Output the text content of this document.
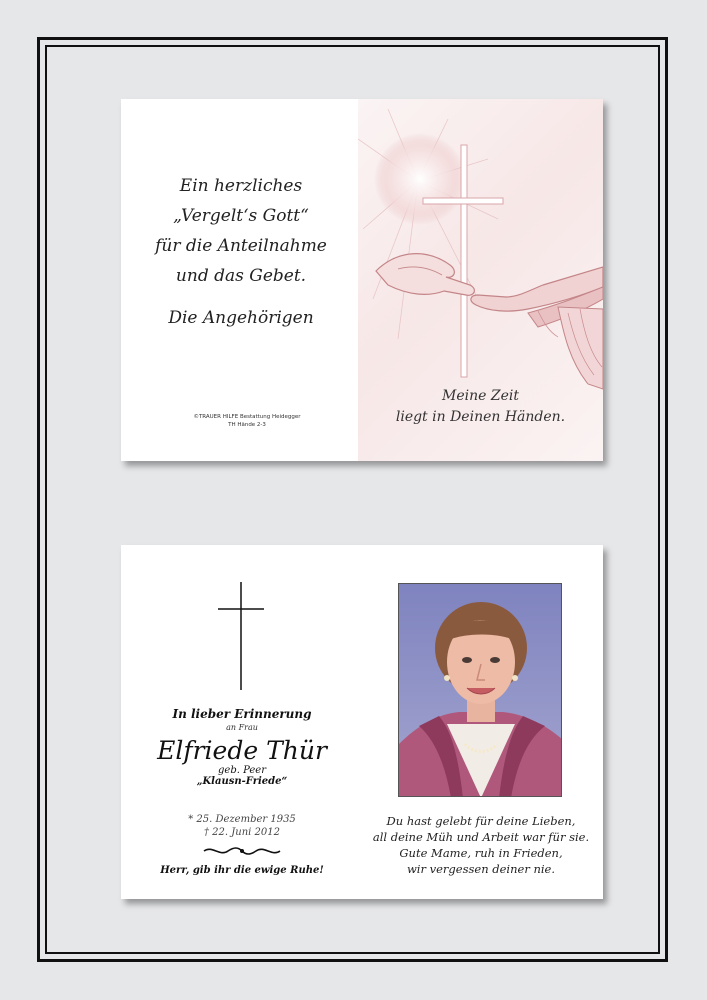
Ein herzliches
„Vergelt‘s Gott“
für die Anteilnahme
und das Gebet.
Die Angehörigen
©TRAUER HILFE Bestattung Heidegger
TH Hände 2-3
Meine Zeit
liegt in Deinen Händen.
In lieber Erinnerung
an Frau
Elfriede Thür
geb. Peer
„Klausn-Friede“
* 25. Dezember 1935
† 22. Juni 2012
Herr, gib ihr die ewige Ruhe!
Du hast gelebt für deine Lieben,
all deine Müh und Arbeit war für sie.
Gute Mame, ruh in Frieden,
wir vergessen deiner nie.
